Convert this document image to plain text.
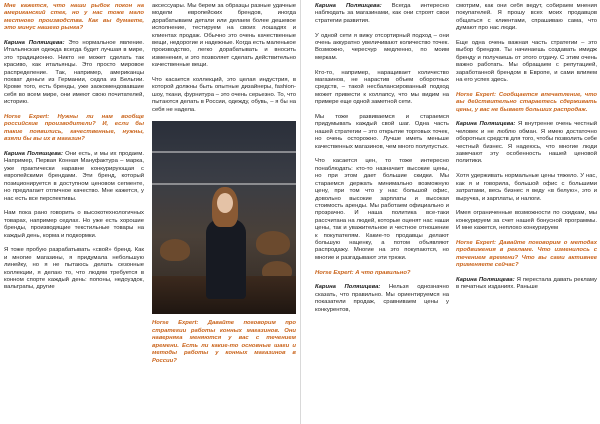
Мне кажется, что наши рыбок покон на американский стек, но у нас тоже мало местного производства. Как вы думаете, это минус нашего рынка?

Карина Поляшцева: Это нормальное явление. Итальянская одежда всегда будет лучшая в мире, это традиционно. Никто не может сделать так красиво, как итальянцы. Это просто мировое распределение. Так, например, американцы похват деньги из Германии, седла из Бельгии. Кроме того, есть бренды, уже заокомендовавшие себя во всем мире, они имеют свою почитателей, историю.

Horse Expert: Нужны ли нам вообще российские производители? И, если бы такие появились, качественные, нужны, взяли бы вы их в магазин?

Карина Поляшцева: Они есть, и мы их продаем. Например, Первая Конная Мануфактура – марка, уже практически наравне конкурирующая с европейскими брендами. Эти бренд, который позиционируется в доступном ценовом сегменте, но предлагает отличное качество. Мне кажется, у нас есть все перспективы.

Нам пока рано говорить о высокотехнологичных товарах, например седлах. Но уже есть хорошие бренды, производящие текстильные товары на каждый день, корма и подкормки.

Я тоже пробую разрабатывать «свой» бренд. Как и многие магазины, я придумала небольшую линейку, но я не пытаюсь делать сезонные коллекции, я делаю то, что людям требуется в конном спорте каждый день: попоны, недоуздок, вальтрапы, другие

аксессуары. Мы берем за образцы разные удачные модели европейских брендов, иногда дорабатываем детали или делаем более дешевое исполнение, тестируем на своих лошадях и клиентах продаж. Обычно это очень качественные вещи, недорогие и надежные. Когда есть маленькое производство, легко дорабатывать и вносить изменения, и это позволяет сделать действительно качественные вещи.

Что касается коллекций, это целая индустрия, в которой должны быть опытные дизайнеры, fashion-шоу, ткани, фурнитура – это очень серьезно. То, что пытаются делать в России, одежду, обувь, – я бы на себя не надела.

Horse Expert: Давайте поговорим про стратегии работы конных магазинов. Они наверняка меняются у вас с течением времени. Есть ли какие-то основные шаги и методы работы у конных магазинов в России?

Карина Поляшцева: Всегда интересно наблюдать за магазинами, как они строят свои стратегии развития.

У одной сети я вижу отсортирный подход – они очень аккуратно увеличивают количество точек. Возможно, чересчур медленно, по моим меркам.

Кто-то, например, наращивает количество магазинов, не нарастив объем оборотных средств, – такой несбалансированный подход может привести к коллапсу, что мы видим на примере еще одной заметной сети.

Мы тоже развиваемся и стараемся придумывать каждый свой шаг. Одна часть нашей стратегии – это открытие торговых точек, но очень осторожно. Лучше иметь меньше качественных магазинов, чем много полупустых.

Что касается цен, то тоже интересно понаблюдать: кто-то назначает высокие цены, но при этом дает большие скидки. Мы стараемся держать минимально возможную цену, при том что у нас большой офис, довольно высокие зарплаты и высокая стоимость аренды. Мы работаем официально и прозрачно. И наша политика все-таки рассчитана на людей, которые оценят нас наши цены, так и уважительное и честное отношение к покупателям. Какие-то продавцы делают большую наценку, а потом объявляют распродажу. Многие на это покупаются, но многие и разгадывают эти трюки.

Horse Expert: А что правильно?

Карина Поляшцева: Нельзя однозначно сказать, что правильно. Мы ориентируемся на показатели продаж, сравниваем цены у конкурентов,

смотрим, как они себя ведут, собираем мнения покупателей. Я прошу всех моих продавцов общаться с клиентами, спрашиваю сама, что думают про нас люди.

Еще одна очень важная часть стратегии – это выбор брендов. Ты начинаешь создавать имидж бренду и получаешь от этого отдачу. С этим очень важно работать. Мы обращаем с репутацией, заработанной брендом в Европе, и сами влияем на его успех здесь.

Horse Expert: Сообщается впечатление, что вы действительно стараетесь сдерживать цены, у вас не бывает больших распродаж.

Карина Поляшцева: Я внутренне очень честный человек и не люблю обман. Я имею достаточно оборотных средств для того, чтобы позволить себе честный бизнес. Я надеюсь, что многие люди замечают эту особенность нашей ценовой политики.

Хотя удерживать нормальные цены тяжело. У нас, как я и говорила, большой офис с большими затратами, весь бизнес я веду «в белую», это и выручка, и зарплаты, и налоги.

Имея ограниченные возможности по скидкам, мы конкурируем за счет нашей бонусной программы. И мне кажется, неплохо конкурируем

Horse Expert: Давайте поговорим о методах продвижения в рекламе. Что изменилось с течением времени? Что вы сами активнее применяете сейчас?

Карина Поляшцева: Я перестала давать рекламу в печатных изданиях. Раньше
